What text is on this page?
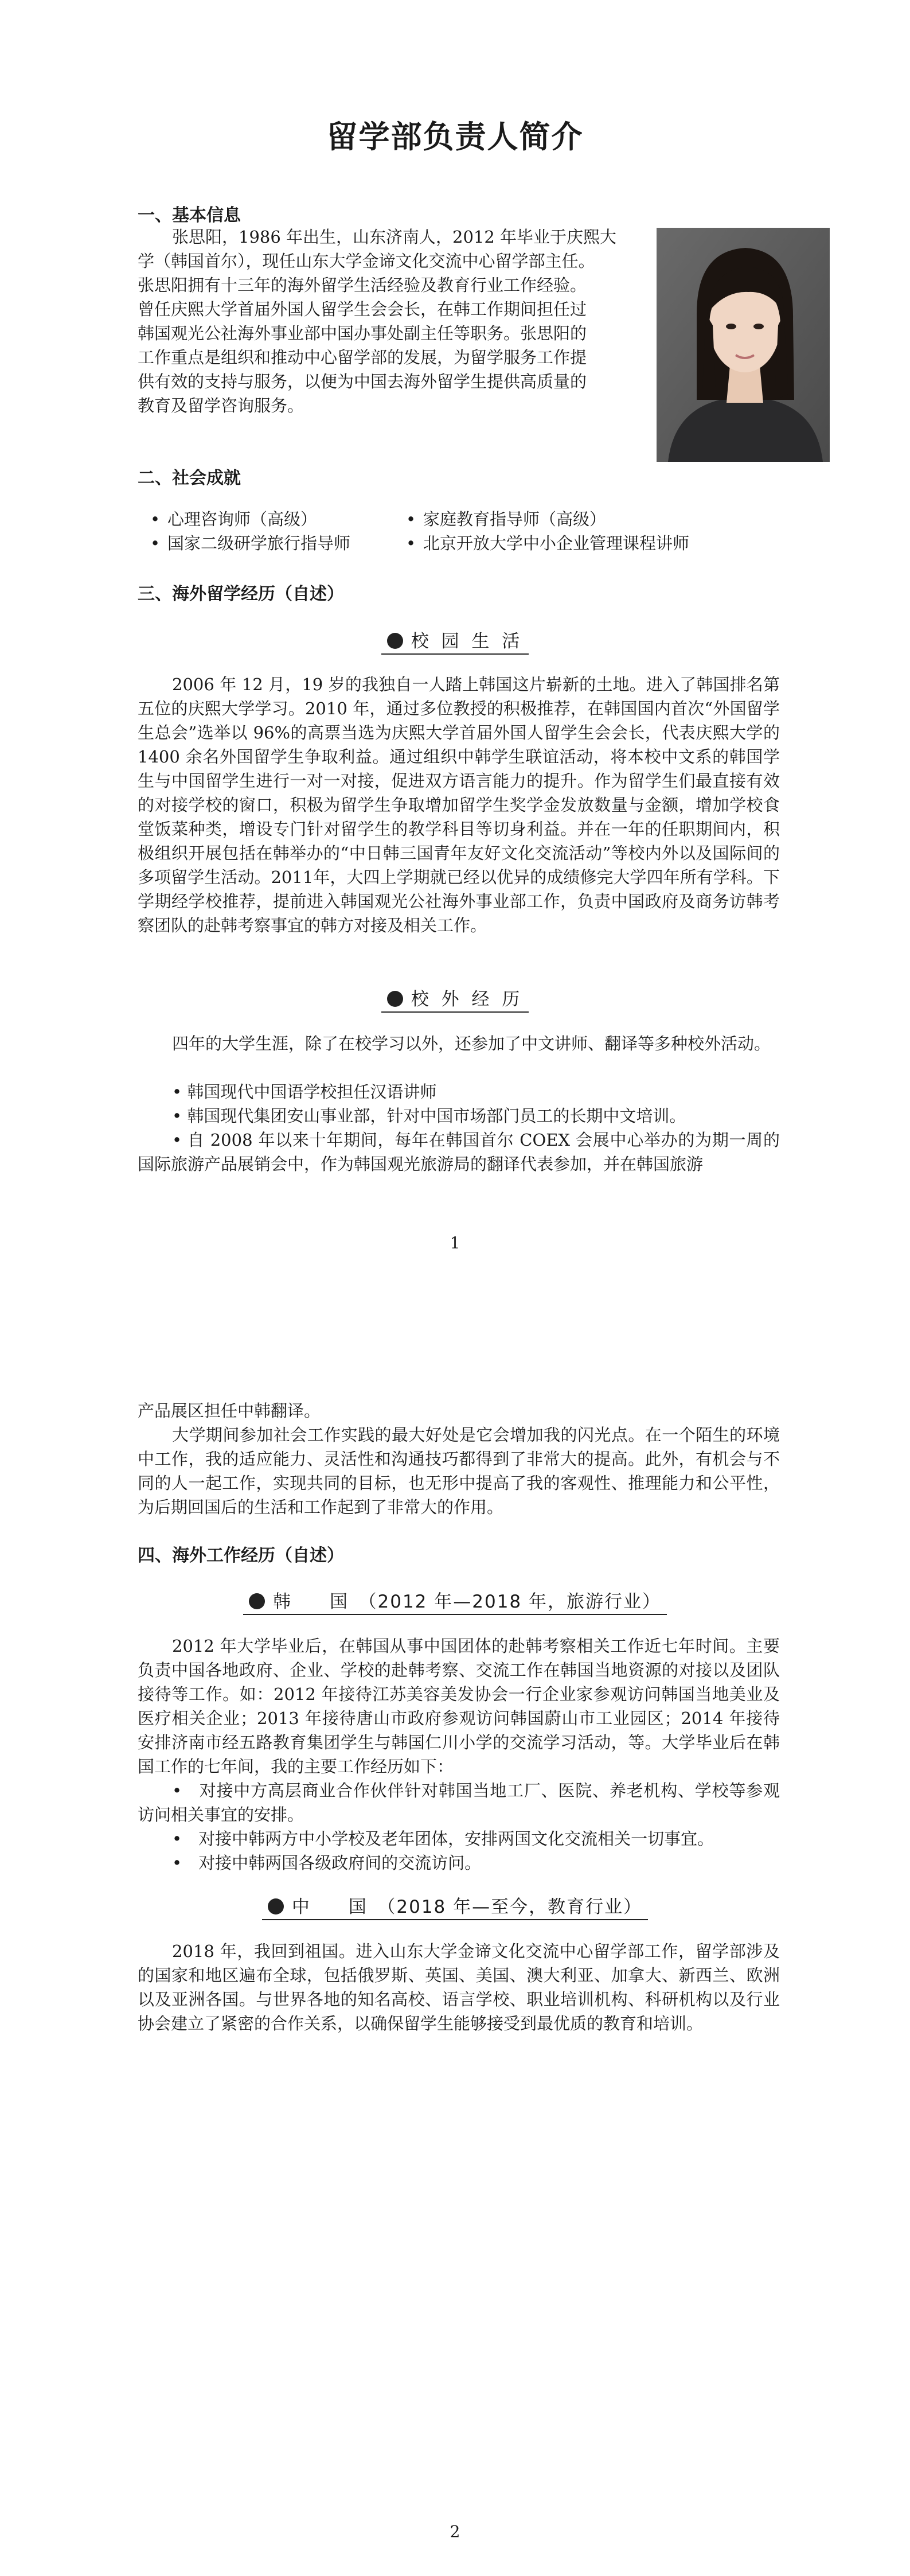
留学部负责人简介
一、基本信息
张思阳，1986 年出生，山东济南人，2012 年毕业于庆熙大
学（韩国首尔），现任山东大学金谛文化交流中心留学部主任。
张思阳拥有十三年的海外留学生活经验及教育行业工作经验。
曾任庆熙大学首届外国人留学生会会长，在韩工作期间担任过
韩国观光公社海外事业部中国办事处副主任等职务。张思阳的
工作重点是组织和推动中心留学部的发展，为留学服务工作提
供有效的支持与服务，以便为中国去海外留学生提供高质量的
教育及留学咨询服务。
二、社会成就
• 心理咨询师（高级）	• 家庭教育指导师（高级）
• 国家二级研学旅行指导师	• 北京开放大学中小企业管理课程讲师
三、海外留学经历（自述）
校 园 生 活

2006 年 12 月，19 岁的我独自一人踏上韩国这片崭新的土地。进入了韩国排名第五位的庆熙大学学习。2010 年，通过多位教授的积极推荐，在韩国国内首次“外国留学生总会”选举以 96%的高票当选为庆熙大学首届外国人留学生会会长，代表庆熙大学的 1400 余名外国留学生争取利益。通过组织中韩学生联谊活动，将本校中文系的韩国学生与中国留学生进行一对一对接，促进双方语言能力的提升。作为留学生们最直接有效的对接学校的窗口，积极为留学生争取增加留学生奖学金发放数量与金额，增加学校食堂饭菜种类，增设专门针对留学生的教学科目等切身利益。并在一年的任职期间内，积极组织开展包括在韩举办的“中日韩三国青年友好文化交流活动”等校内外以及国际间的多项留学生活动。2011年，大四上学期就已经以优异的成绩修完大学四年所有学科。下学期经学校推荐，提前进入韩国观光公社海外事业部工作，负责中国政府及商务访韩考察团队的赴韩考察事宜的韩方对接及相关工作。

校 外 经 历

四年的大学生涯，除了在校学习以外，还参加了中文讲师、翻译等多种校外活动。

• 韩国现代中国语学校担任汉语讲师
• 韩国现代集团安山事业部，针对中国市场部门员工的长期中文培训。
• 自 2008 年以来十年期间，每年在韩国首尔 COEX 会展中心举办的为期一周的国际旅游产品展销会中，作为韩国观光旅游局的翻译代表参加，并在韩国旅游
1
产品展区担任中韩翻译。

大学期间参加社会工作实践的最大好处是它会增加我的闪光点。在一个陌生的环境中工作，我的适应能力、灵活性和沟通技巧都得到了非常大的提高。此外，有机会与不同的人一起工作，实现共同的目标，也无形中提高了我的客观性、推理能力和公平性，为后期回国后的生活和工作起到了非常大的作用。

四、海外工作经历（自述）
韩　　国　（2012 年—2018 年，旅游行业）

2012 年大学毕业后，在韩国从事中国团体的赴韩考察相关工作近七年时间。主要负责中国各地政府、企业、学校的赴韩考察、交流工作在韩国当地资源的对接以及团队接待等工作。如：2012 年接待江苏美容美发协会一行企业家参观访问韩国当地美业及医疗相关企业；2013 年接待唐山市政府参观访问韩国蔚山市工业园区；2014 年接待安排济南市经五路教育集团学生与韩国仁川小学的交流学习活动，等。大学毕业后在韩国工作的七年间，我的主要工作经历如下：

•　对接中方高层商业合作伙伴针对韩国当地工厂、医院、养老机构、学校等参观访问相关事宜的安排。
•　对接中韩两方中小学校及老年团体，安排两国文化交流相关一切事宜。
•　对接中韩两国各级政府间的交流访问。
中　　国　（2018 年—至今，教育行业）

2018 年，我回到祖国。进入山东大学金谛文化交流中心留学部工作，留学部涉及的国家和地区遍布全球，包括俄罗斯、英国、美国、澳大利亚、加拿大、新西兰、欧洲以及亚洲各国。与世界各地的知名高校、语言学校、职业培训机构、科研机构以及行业协会建立了紧密的合作关系，以确保留学生能够接受到最优质的教育和培训。

2
